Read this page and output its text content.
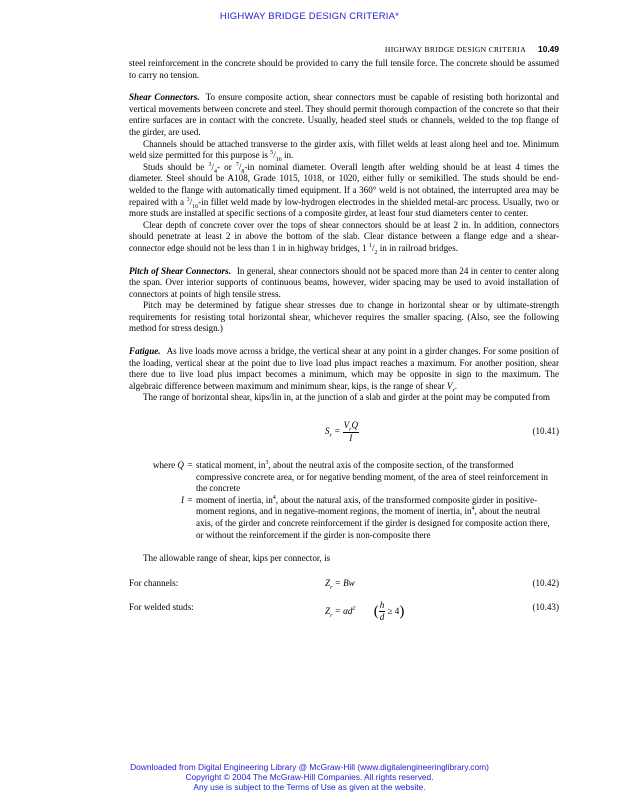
HIGHWAY BRIDGE DESIGN CRITERIA*
HIGHWAY BRIDGE DESIGN CRITERIA 10.49

steel reinforcement in the concrete should be provided to carry the full tensile force. The concrete should be assumed to carry no tension.

Shear Connectors. To ensure composite action, shear connectors must be capable of resisting both horizontal and vertical movements between concrete and steel. They should permit thorough compaction of the concrete so that their entire surfaces are in contact with the concrete. Usually, headed steel studs or channels, welded to the top flange of the girder, are used.

Channels should be attached transverse to the girder axis, with fillet welds at least along heel and toe. Minimum weld size permitted for this purpose is $^5/_{16}$ in.

Studs should be $^3/_4-$ or $^7/_8-in$ nominal diameter. Overall length after welding should be at least 4 times the diameter. Steel should be A108, Grade 1015, 1018, or 1020, either fully or semikilled. The studs should be end-welded to the flange with automatically timed equipment. If a 360° weld is not obtained, the interrupted area may be repaired with a $^3/_{16}-in$ fillet weld made by low-hydrogen electrodes in the shielded metal-arc process. Usually, two or more studs are installed at specific sections of a composite girder, at least four stud diameters center to center.

Clear depth of concrete cover over the tops of shear connectors should be at least 2 in. In addition, connectors should penetrate at least 2 in above the bottom of the slab. Clear distance between a flange edge and a shear-connector edge should not be less than 1 in in highway bridges, 1 $^1/_2$ in in railroad bridges.

Pitch of Shear Connectors. In general, shear connectors should not be spaced more than 24 in center to center along the span. Over interior supports of continuous beams, however, wider spacing may be used to avoid installation of connectors at points of high tensile stress.

Pitch may be determined by fatigue shear stresses due to change in horizontal shear or by ultimate-strength requirements for resisting total horizontal shear, whichever requires the smaller spacing. (Also, see the following method for stress design.)

Fatigue. As live loads move across a bridge, the vertical shear at any point in a girder changes. For some position of the loading, vertical shear at the point due to live load plus impact reaches a maximum. For another position, shear there due to live load plus impact becomes a minimum, which may be opposite in sign to the maximum. The algebraic difference between maximum and minimum shear, kips, is the range of shear $V_r$.

The range of horizontal shear, kips/lin in, at the junction of a slab and girder at the point may be computed from

$S_r$ =
$V_rQ$
I
(10.41)
where Q = statical moment, $in^3$, about the neutral axis of the composite section, of the transformed compressive concrete area, or for negative bending moment, of the area of steel reinforcement in the concrete
I = moment of inertia, $in^4$, about the natural axis, of the transformed composite girder in positive-moment regions, and in negative-moment regions, the moment of inertia, $in^4$, about the neutral axis, of the girder and concrete reinforcement if the girder is designed for composite action there, or without the reinforcement if the girder is non-composite there

The allowable range of shear, kips per connector, is

For channels:	$Z_r = Bw$	(10.42)
For welded studs:	$Z_r = \alpha d^2$ ( $\frac{h}{d} \ge 4$)	(10.43)
Downloaded from Digital Engineering Library @ McGraw-Hill (www.digitalengineeringlibrary.com)
Copyright © 2004 The McGraw-Hill Companies. All rights reserved.
Any use is subject to the Terms of Use as given at the website.
